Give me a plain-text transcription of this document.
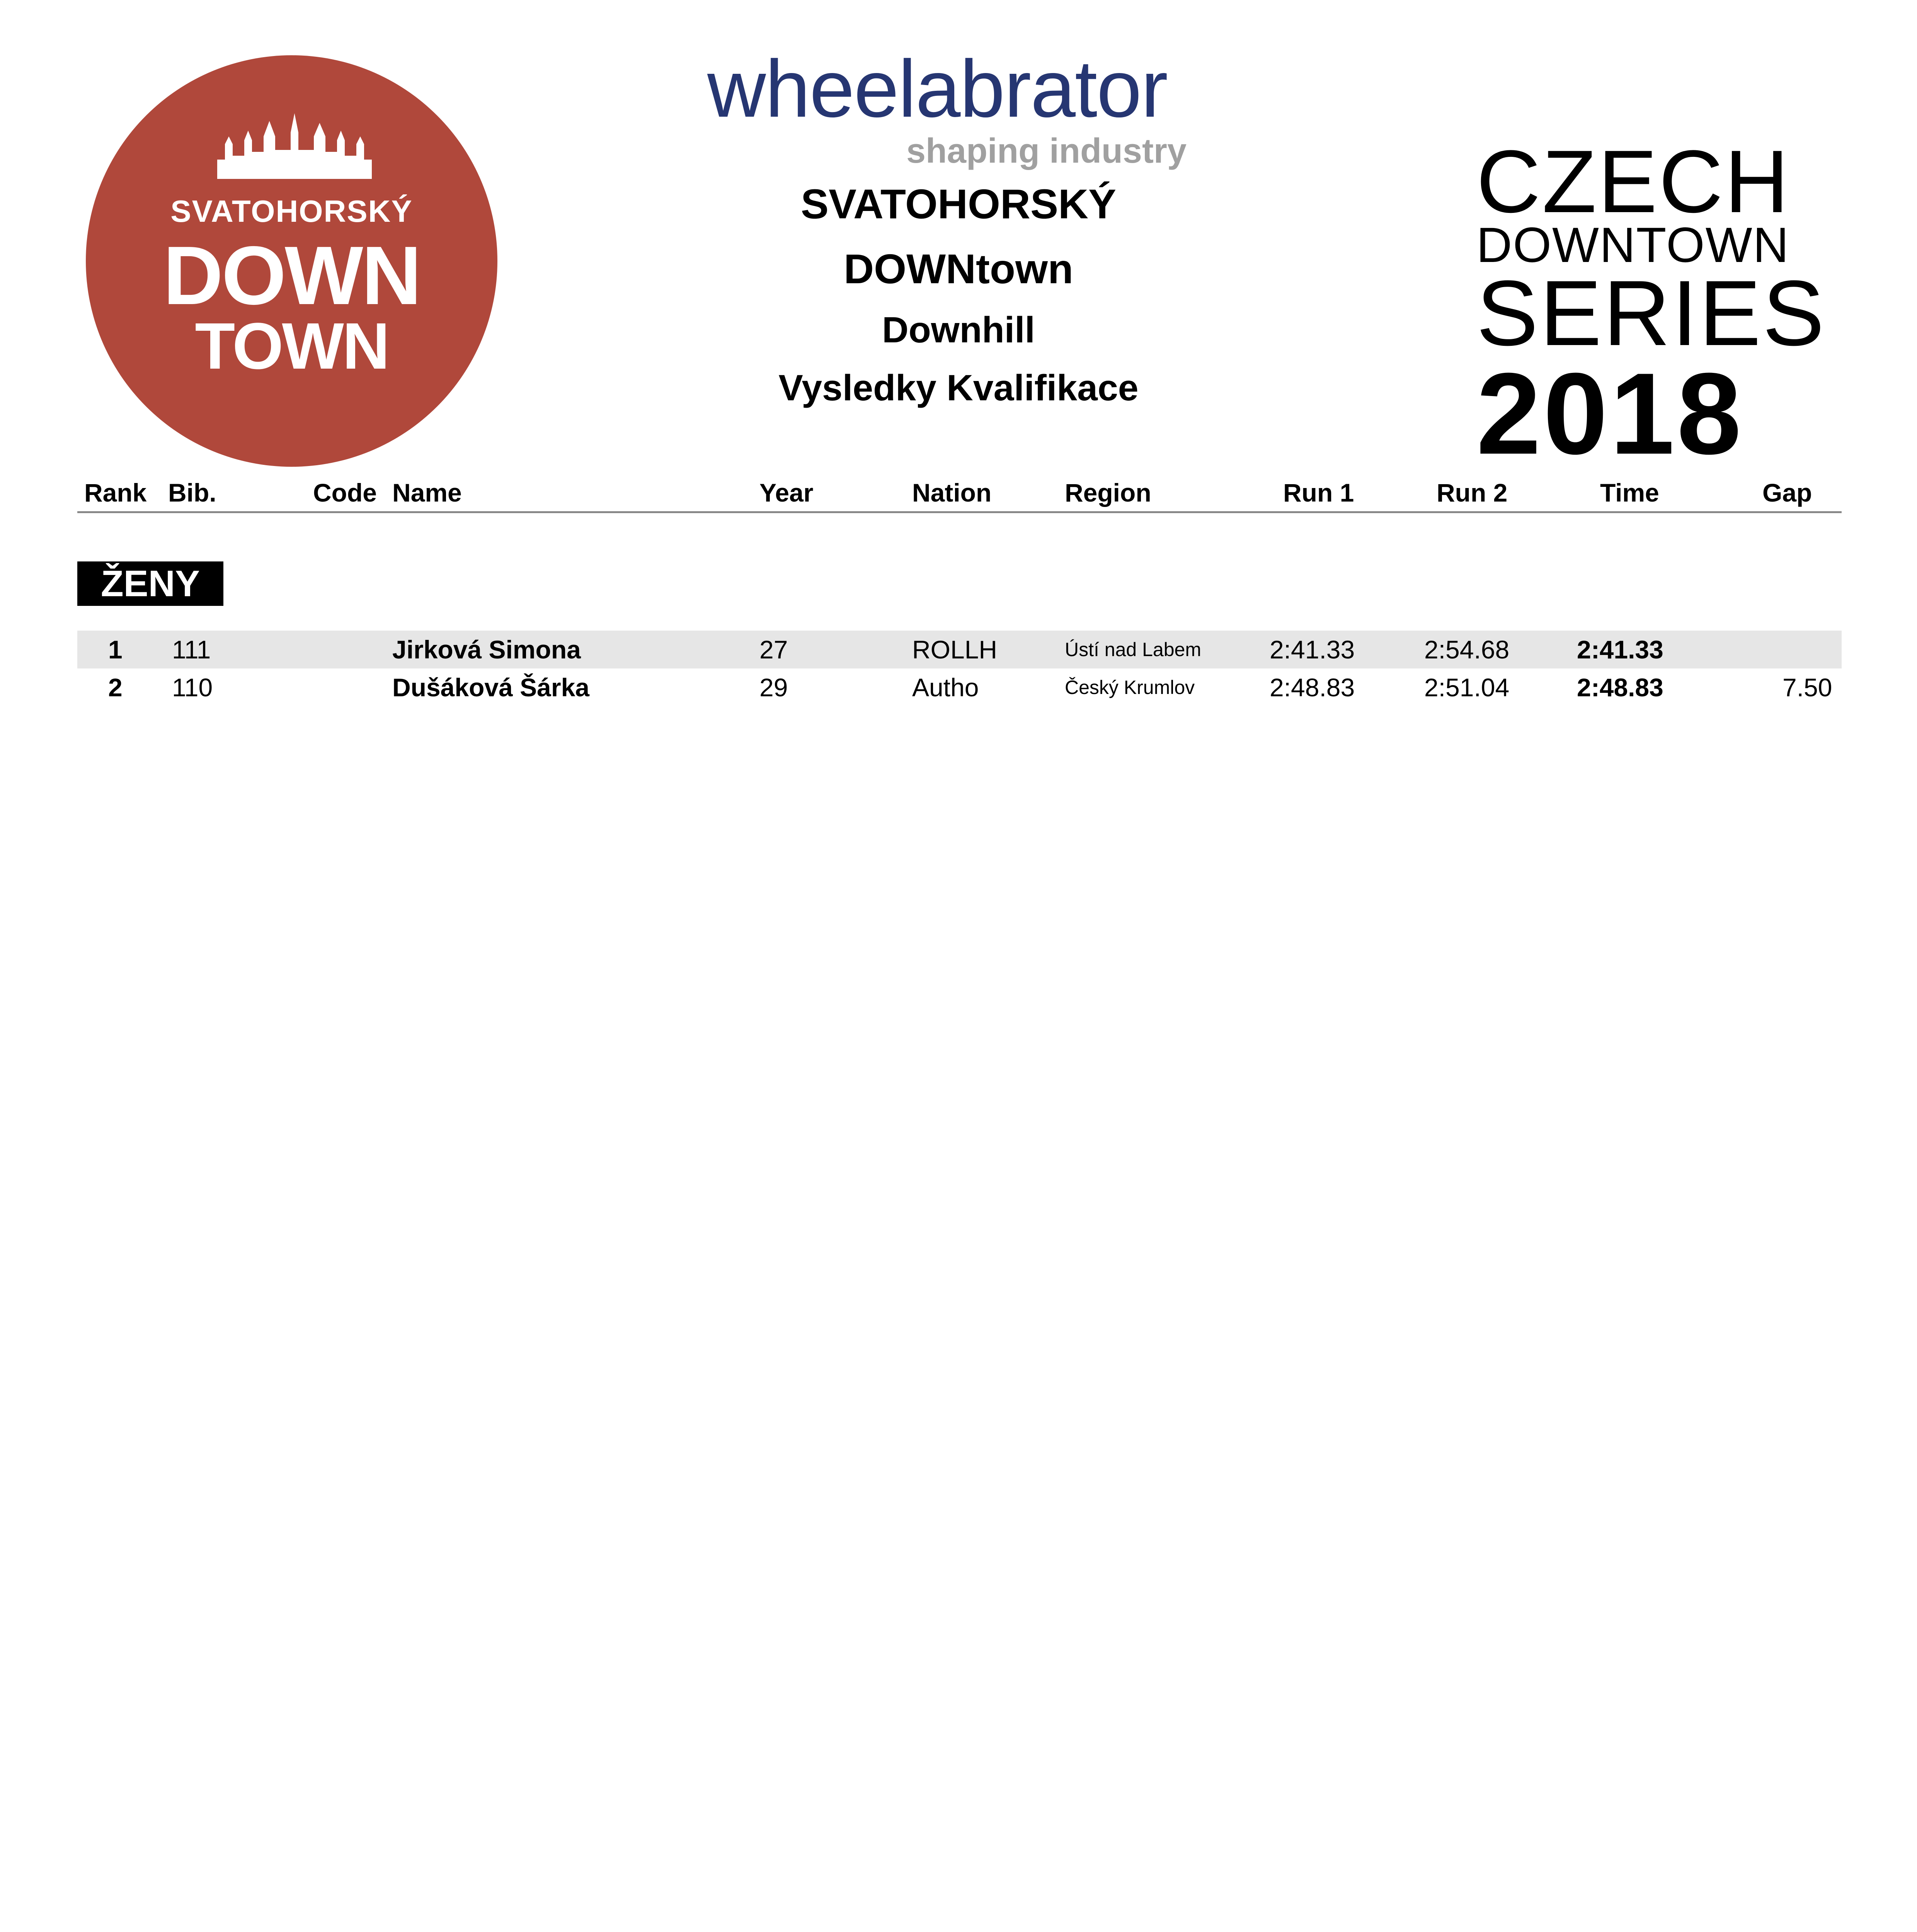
SVATOHORSKÝ
DOWN
TOWN
wheelabrator
shaping industry
SVATOHORSKÝ
DOWNtown
Downhill
Vysledky Kvalifikace
CZECH
DOWNTOWN
SERIES
2018
Rank Bib.	Code Name	Year	Nation	Region	Run 1	Run 2	Time	Gap
ŽENY
1 111	Jirková Simona	27	ROLLH	Ústí nad Labem	2:41.33	2:54.68	2:41.33
2 110	Dušáková Šárka	29	Autho	Český Krumlov	2:48.83	2:51.04	2:48.83	7.50
